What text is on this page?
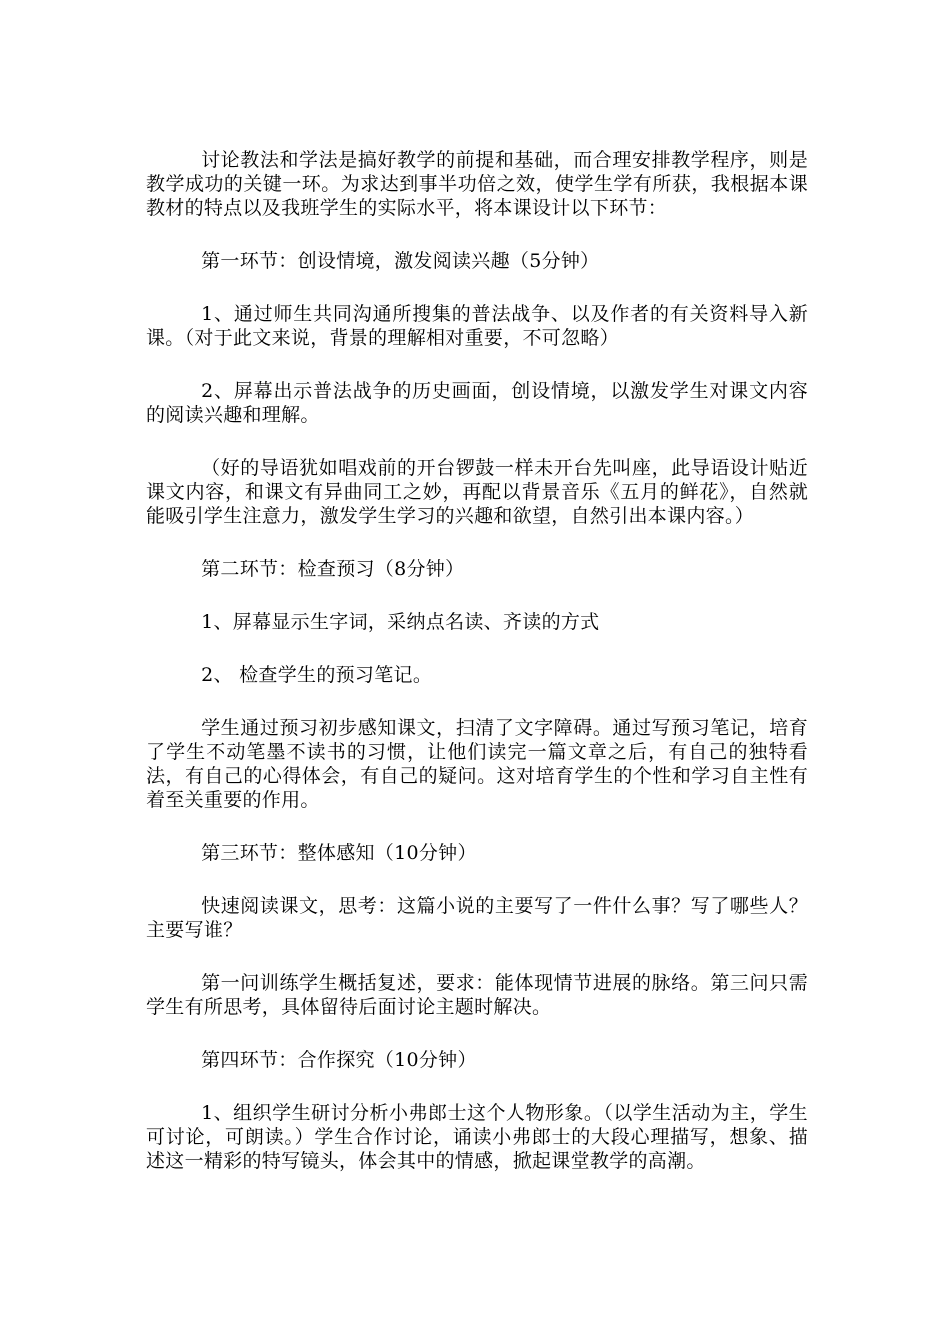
讨论教法和学法是搞好教学的前提和基础，而合理安排教学程序，则是教学成功的关键一环。为求达到事半功倍之效，使学生学有所获，我根据本课教材的特点以及我班学生的实际水平，将本课设计以下环节：

第一环节：创设情境，激发阅读兴趣（5分钟）

1、通过师生共同沟通所搜集的普法战争、以及作者的有关资料导入新课。（对于此文来说，背景的理解相对重要，不可忽略）

2、屏幕出示普法战争的历史画面，创设情境，以激发学生对课文内容的阅读兴趣和理解。

（好的导语犹如唱戏前的开台锣鼓一样未开台先叫座，此导语设计贴近课文内容，和课文有异曲同工之妙，再配以背景音乐《五月的鲜花》，自然就能吸引学生注意力，激发学生学习的兴趣和欲望，自然引出本课内容。）

第二环节：检查预习（8分钟）

1、屏幕显示生字词，采纳点名读、齐读的方式

2、 检查学生的预习笔记。

学生通过预习初步感知课文，扫清了文字障碍。通过写预习笔记，培育了学生不动笔墨不读书的习惯，让他们读完一篇文章之后，有自己的独特看法，有自己的心得体会，有自己的疑问。这对培育学生的个性和学习自主性有着至关重要的作用。

第三环节：整体感知（10分钟）

快速阅读课文，思考：这篇小说的主要写了一件什么事？写了哪些人？主要写谁？

第一问训练学生概括复述，要求：能体现情节进展的脉络。第三问只需学生有所思考，具体留待后面讨论主题时解决。

第四环节：合作探究（10分钟）

1、组织学生研讨分析小弗郎士这个人物形象。（以学生活动为主，学生可讨论，可朗读。）学生合作讨论，诵读小弗郎士的大段心理描写，想象、描述这一精彩的特写镜头，体会其中的情感，掀起课堂教学的高潮。
